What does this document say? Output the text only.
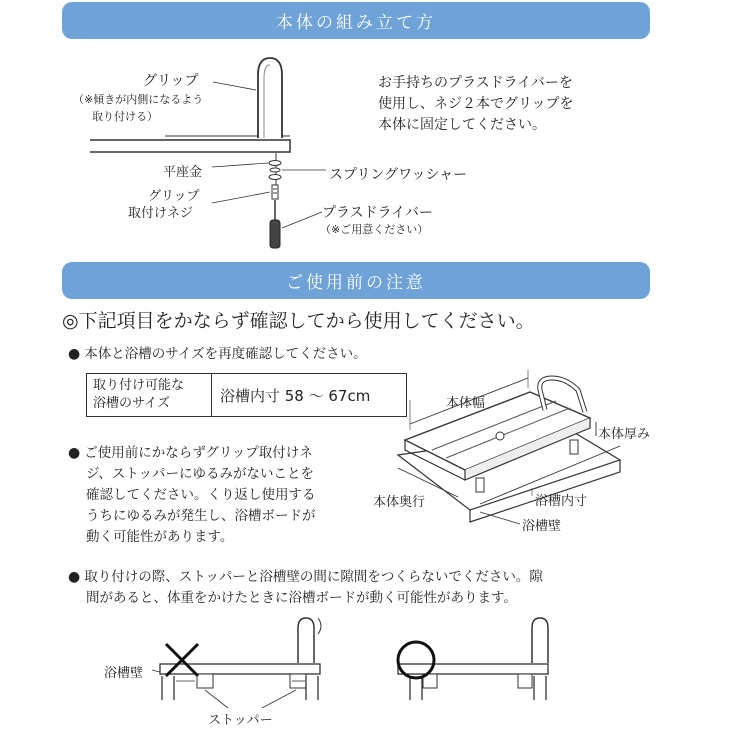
本体の組み立て方
グリップ
（※傾きが内側になるよう
取り付ける）
平座金	スプリングワッシャー
グリップ
取付けネジ	プラスドライバー
（※ご用意ください）
お手持ちのプラスドライバーを
使用し、ネジ２本でグリップを
本体に固定してください。
ご使用前の注意
◎下記項目をかならず確認してから使用してください。
● 本体と浴槽のサイズを再度確認してください。
取り付け可能な
浴槽のサイズ	浴槽内寸 58 〜 67cm
● ご使用前にかならずグリップ取付けネ
ジ、ストッパーにゆるみがないことを
確認してください。くり返し使用する
うちにゆるみが発生し、浴槽ボードが
動く可能性があります。
本体幅
本体厚み
本体奥行	浴槽内寸
浴槽壁
● 取り付けの際、ストッパーと浴槽壁の間に隙間をつくらないでください。隙
間があると、体重をかけたときに浴槽ボードが動く可能性があります。
浴槽壁
ストッパー
